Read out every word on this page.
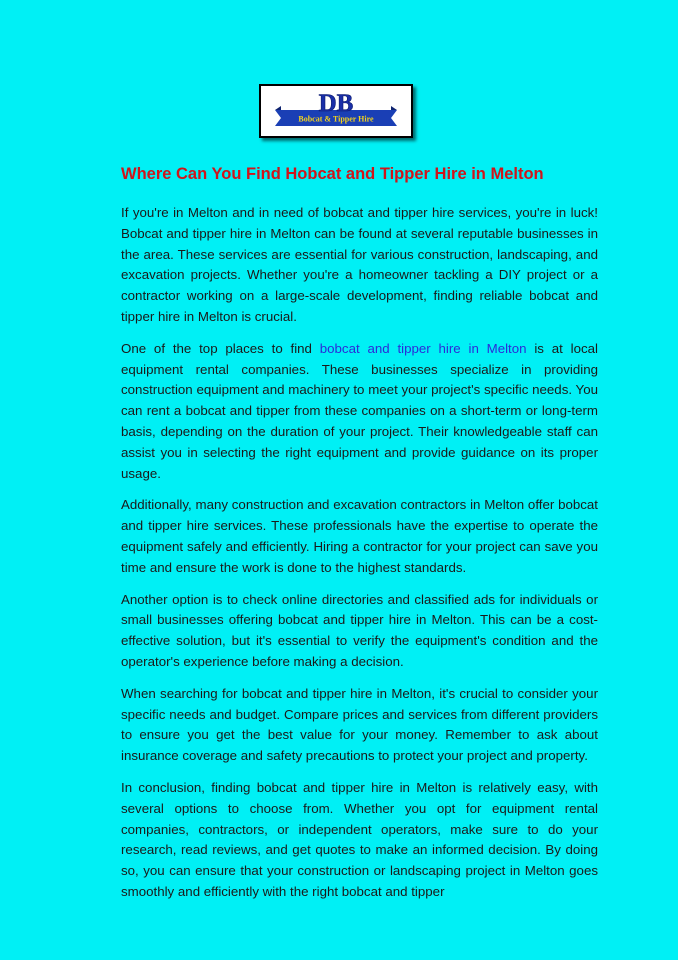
DB
Bobcat & Tipper Hire
Where Can You Find Hobcat and Tipper Hire in Melton

If you're in Melton and in need of bobcat and tipper hire services, you're in luck! Bobcat and tipper hire in Melton can be found at several reputable businesses in the area. These services are essential for various construction, landscaping, and excavation projects. Whether you're a homeowner tackling a DIY project or a contractor working on a large-scale development, finding reliable bobcat and tipper hire in Melton is crucial.

One of the top places to find bobcat and tipper hire in Melton is at local equipment rental companies. These businesses specialize in providing construction equipment and machinery to meet your project's specific needs. You can rent a bobcat and tipper from these companies on a short-term or long-term basis, depending on the duration of your project. Their knowledgeable staff can assist you in selecting the right equipment and provide guidance on its proper usage.

Additionally, many construction and excavation contractors in Melton offer bobcat and tipper hire services. These professionals have the expertise to operate the equipment safely and efficiently. Hiring a contractor for your project can save you time and ensure the work is done to the highest standards.

Another option is to check online directories and classified ads for individuals or small businesses offering bobcat and tipper hire in Melton. This can be a cost- effective solution, but it's essential to verify the equipment's condition and the operator's experience before making a decision.

When searching for bobcat and tipper hire in Melton, it's crucial to consider your specific needs and budget. Compare prices and services from different providers to ensure you get the best value for your money. Remember to ask about insurance coverage and safety precautions to protect your project and property.

In conclusion, finding bobcat and tipper hire in Melton is relatively easy, with several options to choose from. Whether you opt for equipment rental companies, contractors, or independent operators, make sure to do your research, read reviews, and get quotes to make an informed decision. By doing so, you can ensure that your construction or landscaping project in Melton goes smoothly and efficiently with the right bobcat and tipper
